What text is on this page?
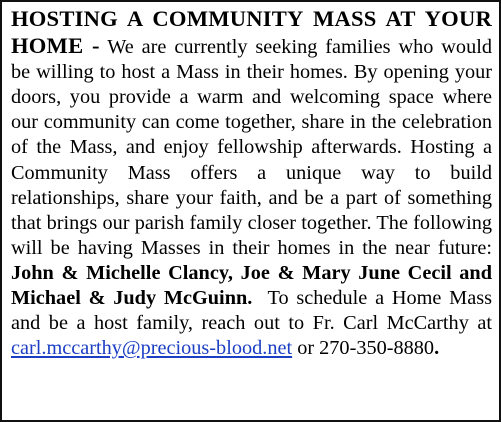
HOSTING A COMMUNITY MASS AT YOUR HOME - We are currently seeking families who would be willing to host a Mass in their homes. By opening your doors, you provide a warm and welcoming space where our community can come together, share in the celebration of the Mass, and enjoy fellowship afterwards. Hosting a Community Mass offers a unique way to build relationships, share your faith, and be a part of something that brings our parish family closer together. The following will be having Masses in their homes in the near future: John & Michelle Clancy, Joe & Mary June Cecil and Michael & Judy McGuinn. To schedule a Home Mass and be a host family, reach out to Fr. Carl McCarthy at carl.mccarthy@precious-blood.net or 270-350-8880.
